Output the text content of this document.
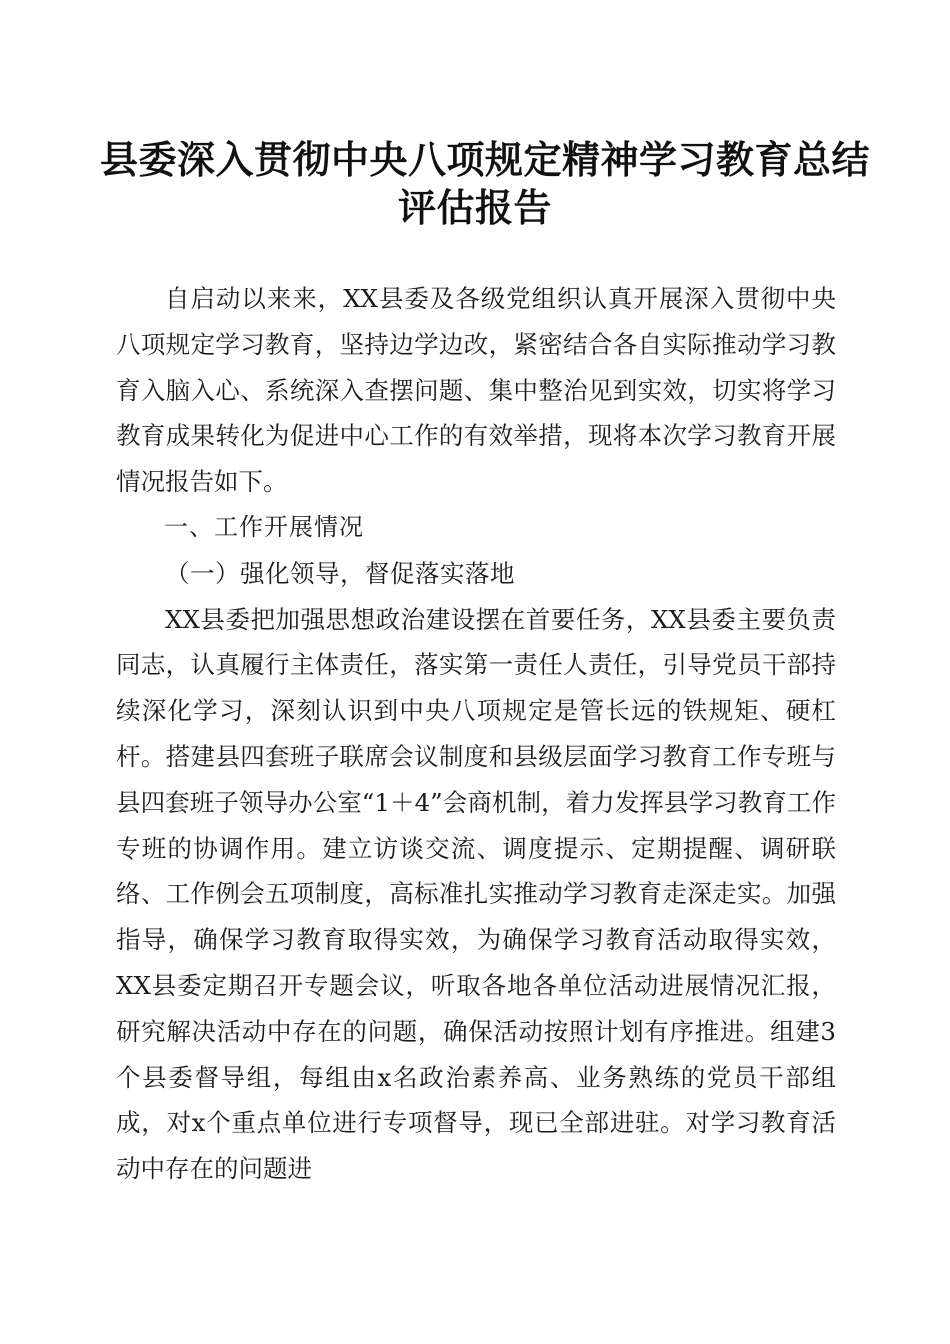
县委深入贯彻中央八项规定精神学习教育总结
评估报告

自启动以来来，XX县委及各级党组织认真开展深入贯彻中央八项规定学习教育，坚持边学边改，紧密结合各自实际推动学习教育入脑入心、系统深入查摆问题、集中整治见到实效，切实将学习教育成果转化为促进中心工作的有效举措，现将本次学习教育开展情况报告如下。

一、工作开展情况

（一）强化领导，督促落实落地

XX县委把加强思想政治建设摆在首要任务，XX县委主要负责同志，认真履行主体责任，落实第一责任人责任，引导党员干部持续深化学习，深刻认识到中央八项规定是管长远的铁规矩、硬杠杆。搭建县四套班子联席会议制度和县级层面学习教育工作专班与县四套班子领导办公室“1＋4”会商机制，着力发挥县学习教育工作专班的协调作用。建立访谈交流、调度提示、定期提醒、调研联络、工作例会五项制度，高标准扎实推动学习教育走深走实。加强指导，确保学习教育取得实效，为确保学习教育活动取得实效，XX县委定期召开专题会议，听取各地各单位活动进展情况汇报，研究解决活动中存在的问题，确保活动按照计划有序推进。组建3个县委督导组，每组由x名政治素养高、业务熟练的党员干部组成，对x个重点单位进行专项督导，现已全部进驻。对学习教育活动中存在的问题进
